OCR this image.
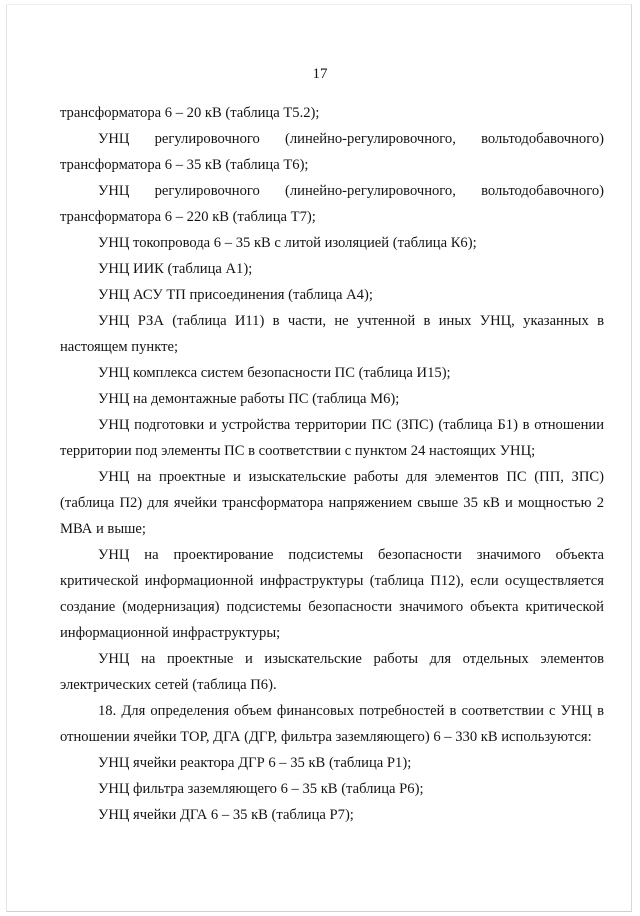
17

трансформатора 6 – 20 кВ (таблица Т5.2);

УНЦ регулировочного (линейно-регулировочного, вольтодобавочного) трансформатора 6 – 35 кВ (таблица Т6);

УНЦ регулировочного (линейно-регулировочного, вольтодобавочного) трансформатора 6 – 220 кВ (таблица Т7);

УНЦ токопровода 6 – 35 кВ с литой изоляцией (таблица К6);

УНЦ ИИК (таблица А1);

УНЦ АСУ ТП присоединения (таблица А4);

УНЦ РЗА (таблица И11) в части, не учтенной в иных УНЦ, указанных в настоящем пункте;

УНЦ комплекса систем безопасности ПС (таблица И15);

УНЦ на демонтажные работы ПС (таблица М6);

УНЦ подготовки и устройства территории ПС (ЗПС) (таблица Б1) в отношении территории под элементы ПС в соответствии с пунктом 24 настоящих УНЦ;

УНЦ на проектные и изыскательские работы для элементов ПС (ПП, ЗПС) (таблица П2) для ячейки трансформатора напряжением свыше 35 кВ и мощностью 2 МВА и выше;

УНЦ на проектирование подсистемы безопасности значимого объекта критической информационной инфраструктуры (таблица П12), если осуществляется создание (модернизация) подсистемы безопасности значимого объекта критической информационной инфраструктуры;

УНЦ на проектные и изыскательские работы для отдельных элементов электрических сетей (таблица П6).

18. Для определения объем финансовых потребностей в соответствии с УНЦ в отношении ячейки ТОР, ДГА (ДГР, фильтра заземляющего) 6 – 330 кВ используются:

УНЦ ячейки реактора ДГР 6 – 35 кВ (таблица Р1);

УНЦ фильтра заземляющего 6 – 35 кВ (таблица Р6);

УНЦ ячейки ДГА 6 – 35 кВ (таблица Р7);
